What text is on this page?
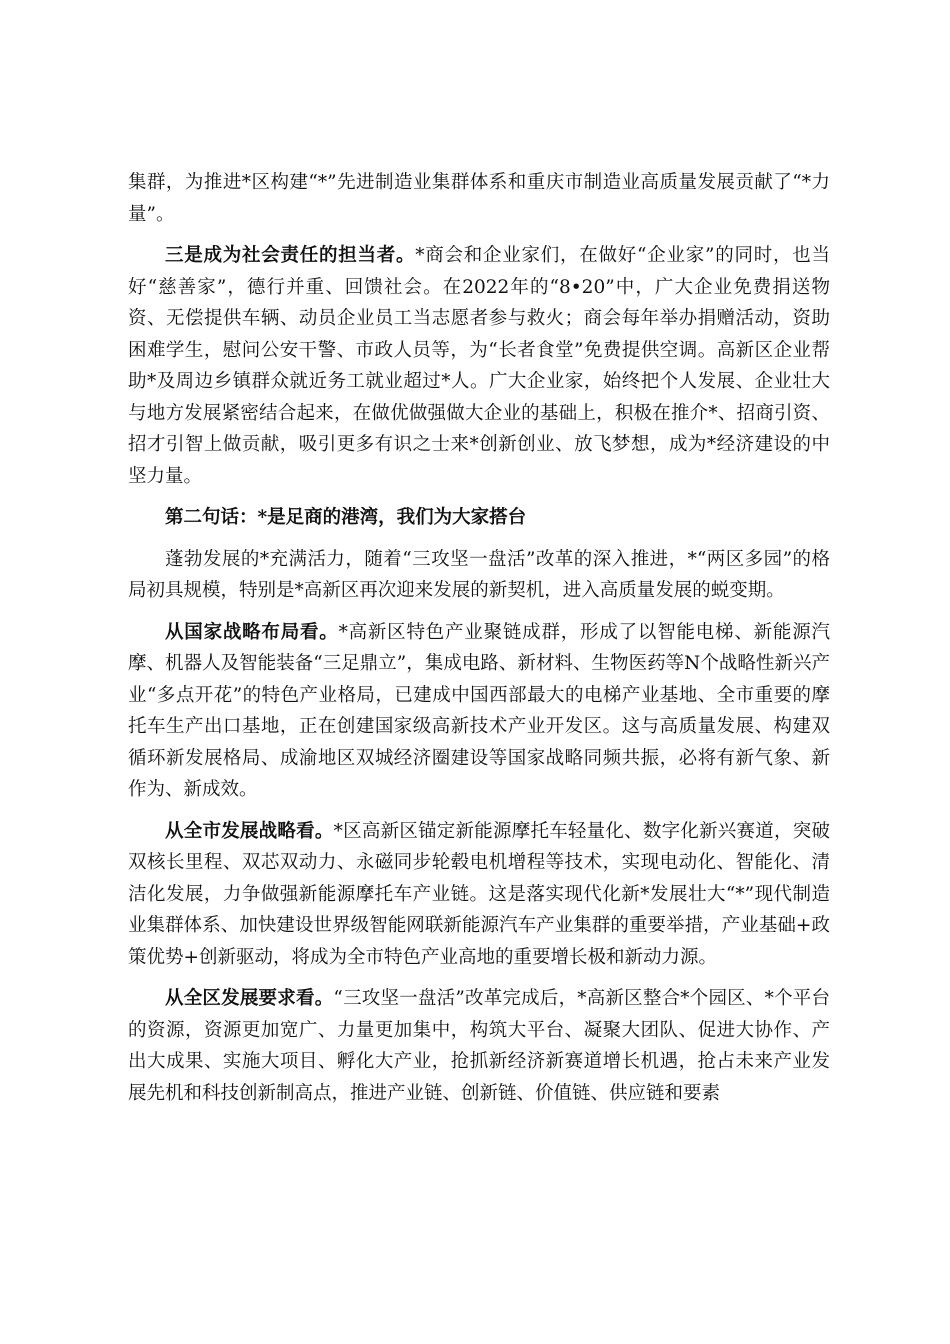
集群，为推进*区构建“*”先进制造业集群体系和重庆市制造业高质量发展贡献了“*力量”。

三是成为社会责任的担当者。*商会和企业家们，在做好“企业家”的同时，也当好“慈善家”，德行并重、回馈社会。在2022年的“8•20”中，广大企业免费捐送物资、无偿提供车辆、动员企业员工当志愿者参与救火；商会每年举办捐赠活动，资助困难学生，慰问公安干警、市政人员等，为“长者食堂”免费提供空调。高新区企业帮助*及周边乡镇群众就近务工就业超过*人。广大企业家，始终把个人发展、企业壮大与地方发展紧密结合起来，在做优做强做大企业的基础上，积极在推介*、招商引资、招才引智上做贡献，吸引更多有识之士来*创新创业、放飞梦想，成为*经济建设的中坚力量。

第二句话：*是足商的港湾，我们为大家搭台

蓬勃发展的*充满活力，随着“三攻坚一盘活”改革的深入推进，*“两区多园”的格局初具规模，特别是*高新区再次迎来发展的新契机，进入高质量发展的蜕变期。

从国家战略布局看。*高新区特色产业聚链成群，形成了以智能电梯、新能源汽摩、机器人及智能装备“三足鼎立”，集成电路、新材料、生物医药等N个战略性新兴产业“多点开花”的特色产业格局，已建成中国西部最大的电梯产业基地、全市重要的摩托车生产出口基地，正在创建国家级高新技术产业开发区。这与高质量发展、构建双循环新发展格局、成渝地区双城经济圈建设等国家战略同频共振，必将有新气象、新作为、新成效。

从全市发展战略看。*区高新区锚定新能源摩托车轻量化、数字化新兴赛道，突破双核长里程、双芯双动力、永磁同步轮毂电机增程等技术，实现电动化、智能化、清洁化发展，力争做强新能源摩托车产业链。这是落实现代化新*发展壮大“*”现代制造业集群体系、加快建设世界级智能网联新能源汽车产业集群的重要举措，产业基础+政策优势+创新驱动，将成为全市特色产业高地的重要增长极和新动力源。

从全区发展要求看。“三攻坚一盘活”改革完成后，*高新区整合*个园区、*个平台的资源，资源更加宽广、力量更加集中，构筑大平台、凝聚大团队、促进大协作、产出大成果、实施大项目、孵化大产业，抢抓新经济新赛道增长机遇，抢占未来产业发展先机和科技创新制高点，推进产业链、创新链、价值链、供应链和要素
